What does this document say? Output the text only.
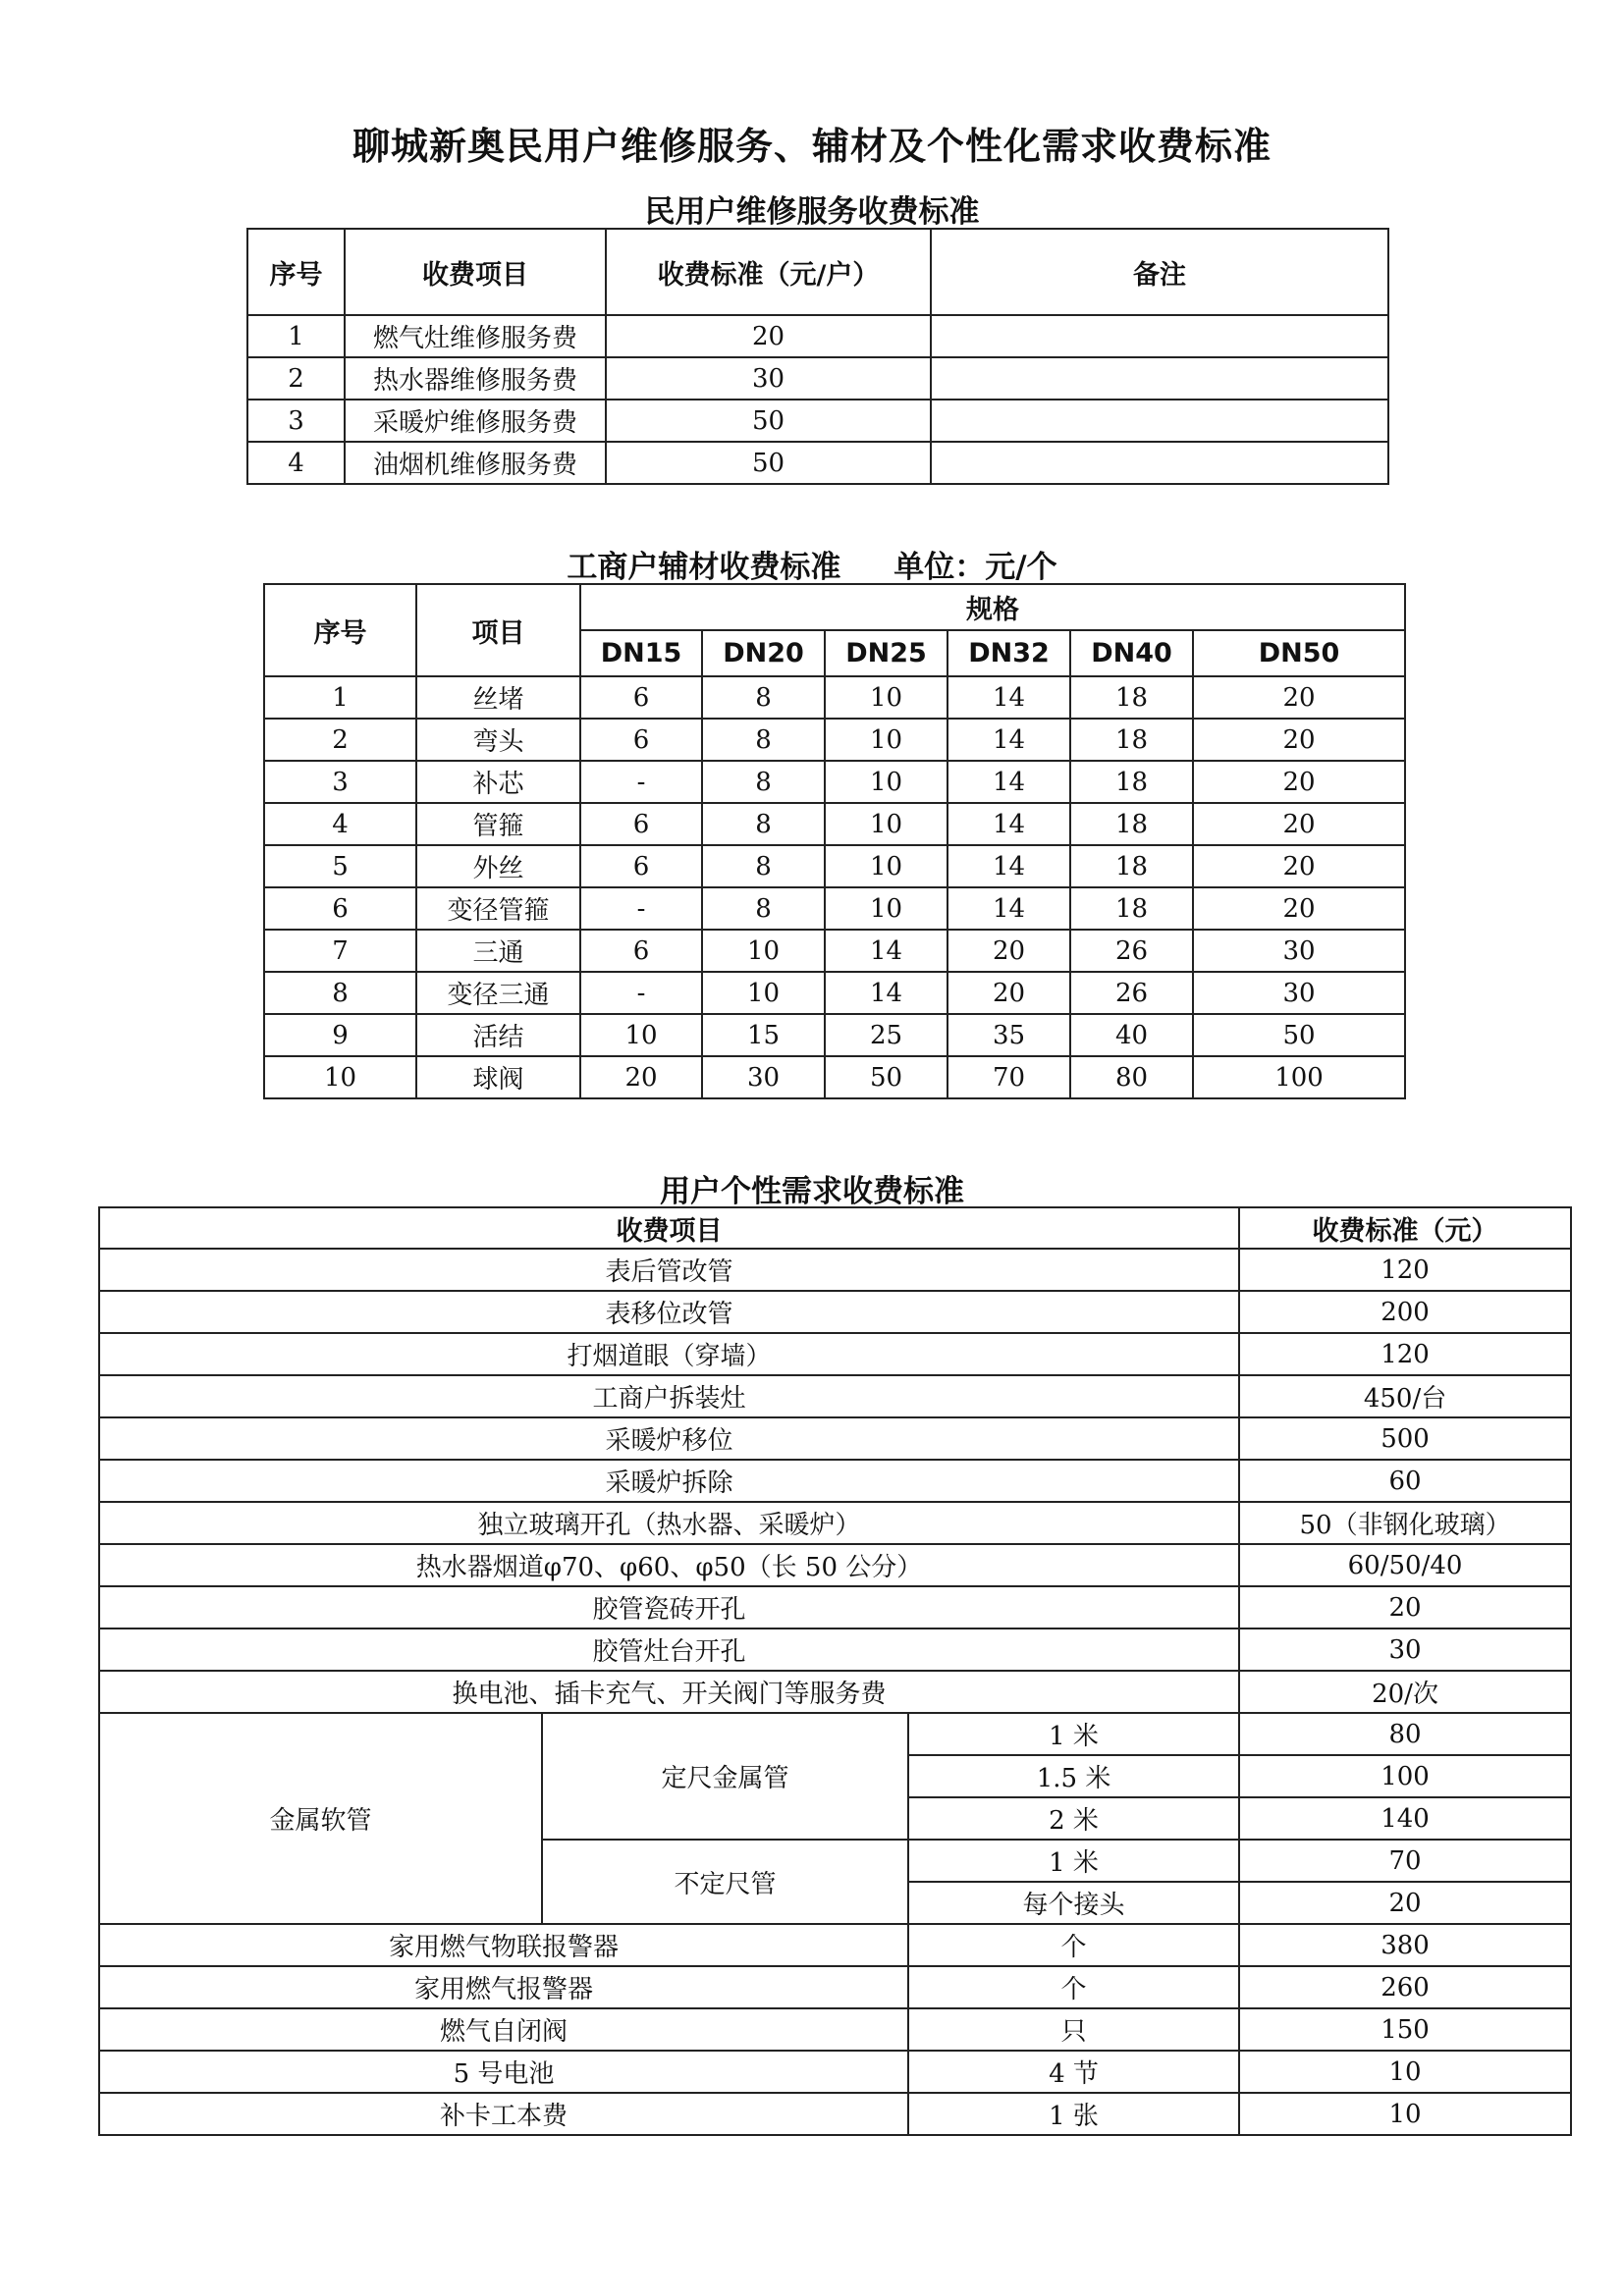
聊城新奥民用户维修服务、辅材及个性化需求收费标准
民用户维修服务收费标准
序号	收费项目	收费标准（元/户）	备注
1	燃气灶维修服务费	20	
2	热水器维修服务费	30	
3	采暖炉维修服务费	50	
4	油烟机维修服务费	50	
工商户辅材收费标准     单位：元/个
序号	项目	规格					
		DN15	DN20	DN25	DN32	DN40	DN50
1	丝堵	6	8	10	14	18	20
2	弯头	6	8	10	14	18	20
3	补芯	-	8	10	14	18	20
4	管箍	6	8	10	14	18	20
5	外丝	6	8	10	14	18	20
6	变径管箍	-	8	10	14	18	20
7	三通	6	10	14	20	26	30
8	变径三通	-	10	14	20	26	30
9	活结	10	15	25	35	40	50
10	球阀	20	30	50	70	80	100
用户个性需求收费标准
收费项目			收费标准（元）
表后管改管			120
表移位改管			200
打烟道眼（穿墙）			120
工商户拆装灶			450/台
采暖炉移位			500
采暖炉拆除			60
独立玻璃开孔（热水器、采暖炉）			50（非钢化玻璃）
热水器烟道φ70、φ60、φ50（长 50 公分）			60/50/40
胶管瓷砖开孔			20
胶管灶台开孔			30
换电池、插卡充气、开关阀门等服务费			20/次
金属软管	定尺金属管	1 米	80
		1.5 米	100
		2 米	140
	不定尺管	1 米	70
		每个接头	20
家用燃气物联报警器		个	380
家用燃气报警器		个	260
燃气自闭阀		只	150
5 号电池		4 节	10
补卡工本费		1 张	10
